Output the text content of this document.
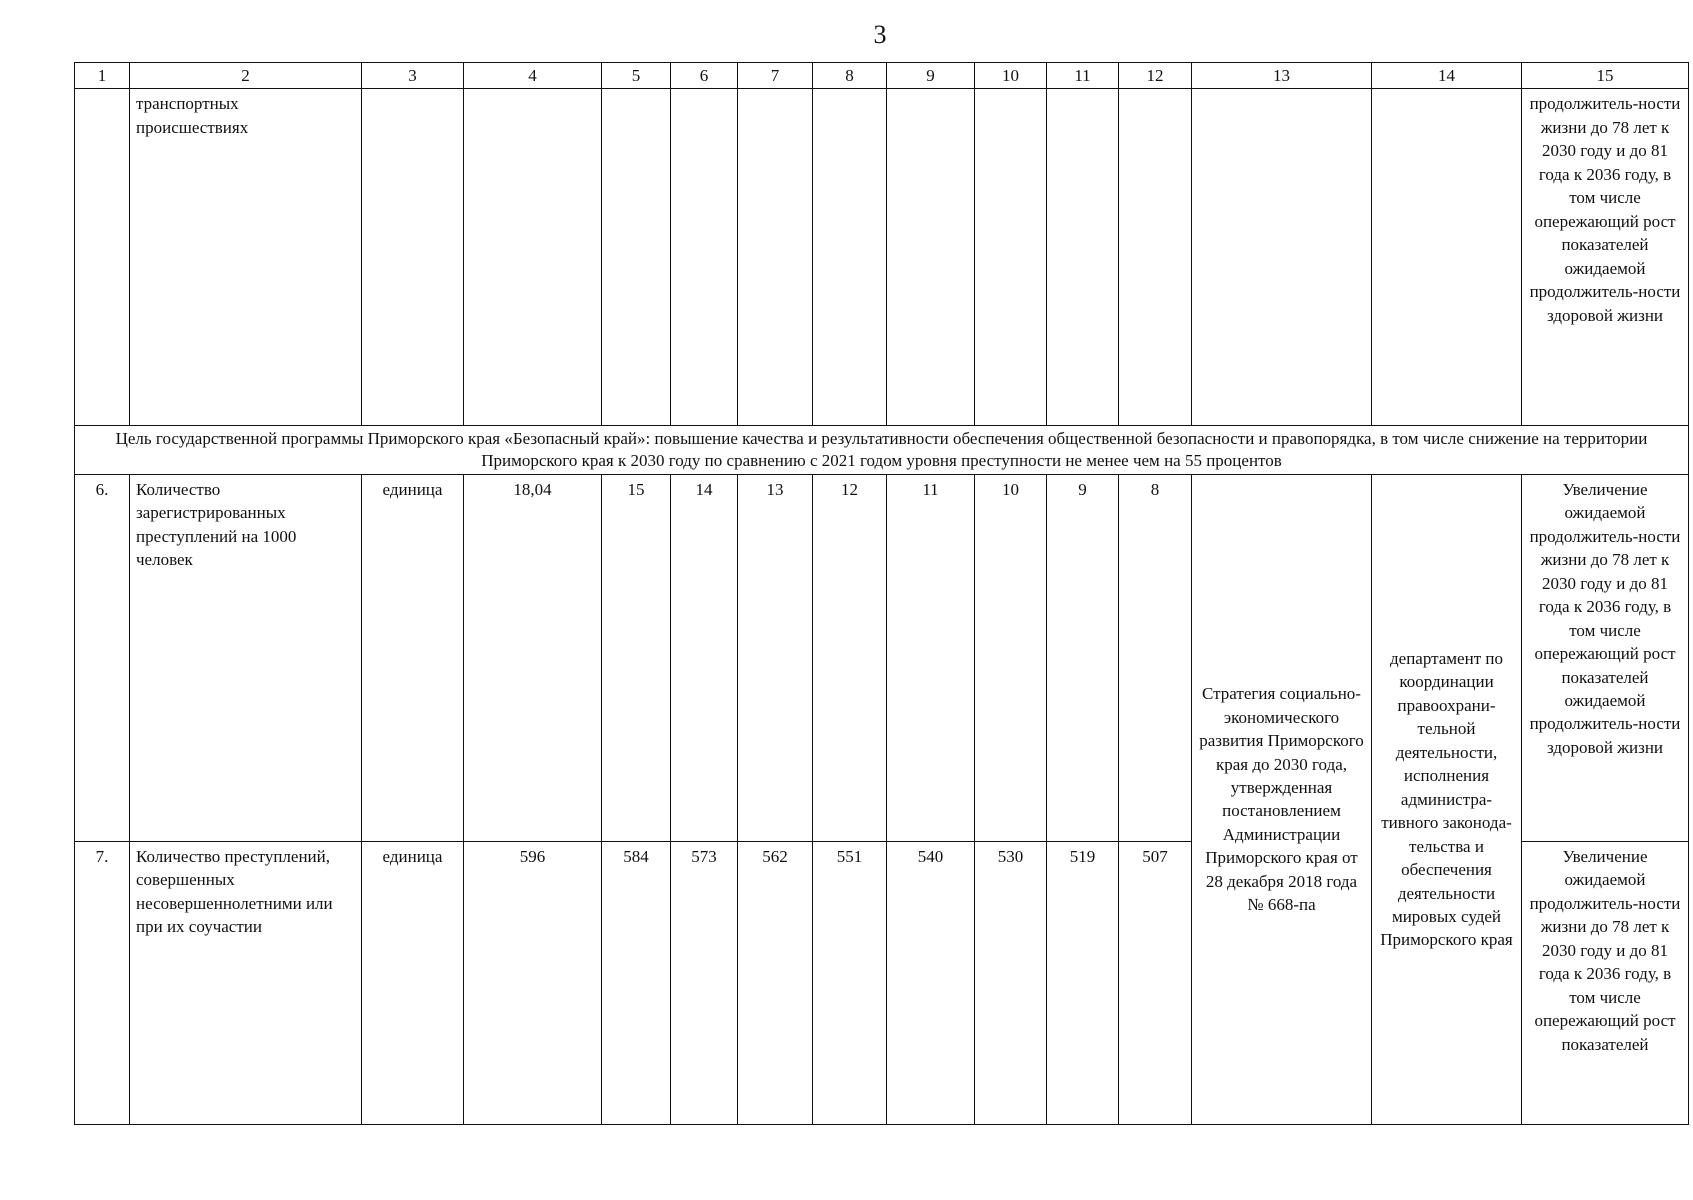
3
1	2	3	4	5	6	7	8	9	10	11	12	13	14	15
	транспортных происшествиях													продолжитель-ности жизни до 78 лет к 2030 году и до 81 года к 2036 году, в том числе опережающий рост показателей ожидаемой продолжитель-ности здоровой жизни
Цель государственной программы Приморского края «Безопасный край»: повышение качества и результативности обеспечения общественной безопасности и правопорядка, в том числе снижение на территории Приморского края к 2030 году по сравнению с 2021 годом уровня преступности не менее чем на 55 процентов														
6.	Количество зарегистрированных преступлений на 1000 человек	единица	18,04	15	14	13	12	11	10	9	8	Стратегия социально-экономического развития Приморского края до 2030 года, утвержденная постановлением Администрации Приморского края от 28 декабря 2018 года № 668-па	департамент по координации правоохрани-тельной деятельности, исполнения администра-тивного законода-тельства и обеспечения деятельности мировых судей Приморского края	Увеличение ожидаемой продолжитель-ности жизни до 78 лет к 2030 году и до 81 года к 2036 году, в том числе опережающий рост показателей ожидаемой продолжитель-ности здоровой жизни
7.	Количество преступлений, совершенных несовершеннолетними или при их соучастии	единица	596	584	573	562	551	540	530	519	507			Увеличение ожидаемой продолжитель-ности жизни до 78 лет к 2030 году и до 81 года к 2036 году, в том числе опережающий рост показателей
